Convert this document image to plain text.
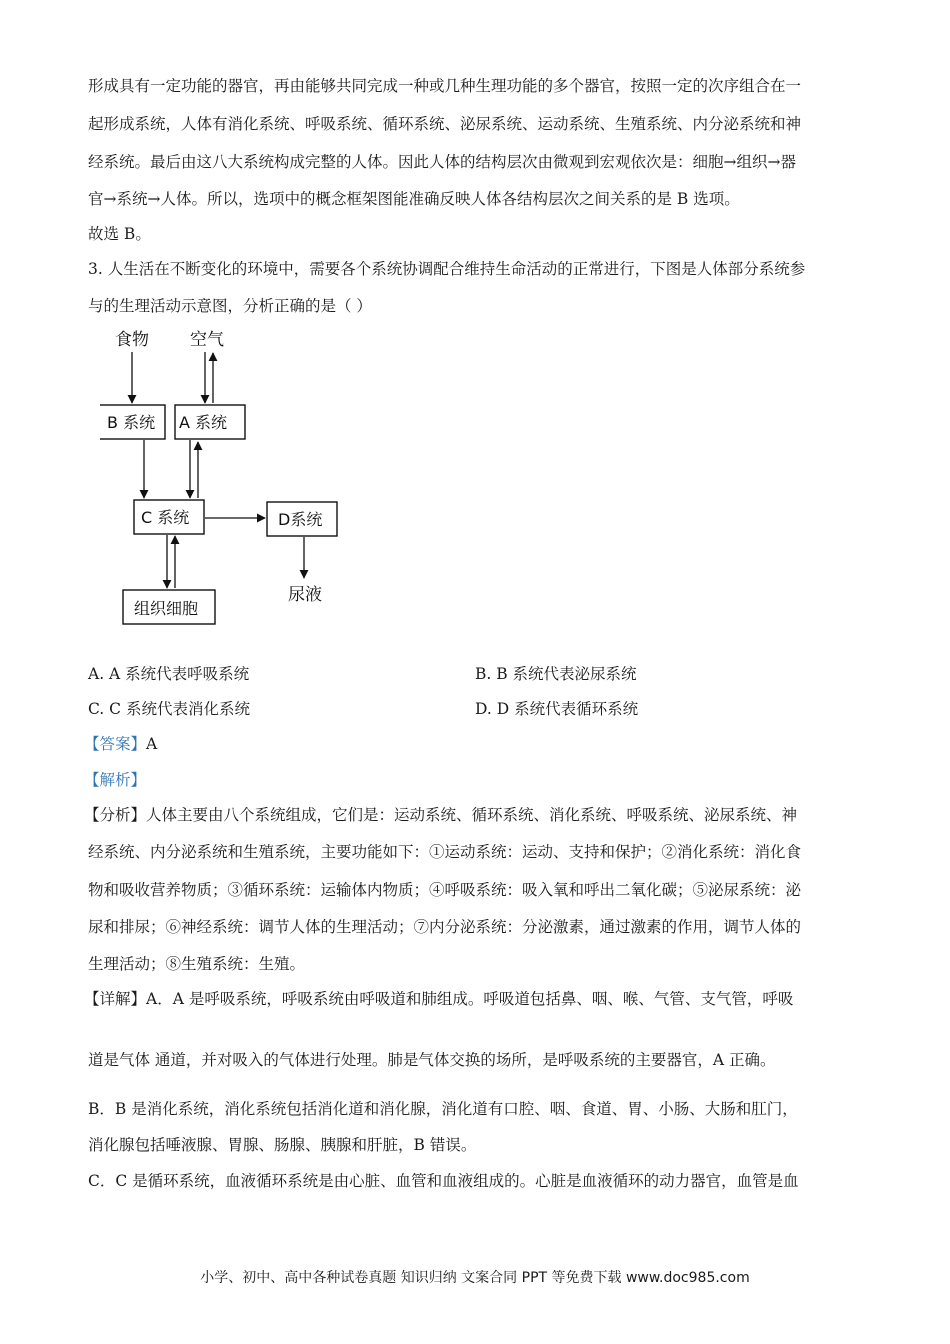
形成具有一定功能的器官，再由能够共同完成一种或几种生理功能的多个器官，按照一定的次序组合在一
起形成系统，人体有消化系统、呼吸系统、循环系统、泌尿系统、运动系统、生殖系统、内分泌系统和神
经系统。最后由这八大系统构成完整的人体。因此人体的结构层次由微观到宏观依次是：细胞→组织→器
官→系统→人体。所以，选项中的概念框架图能准确反映人体各结构层次之间关系的是 B 选项。
故选 B。
3. 人生活在不断变化的环境中，需要各个系统协调配合维持生命活动的正常进行，下图是人体部分系统参
与的生理活动示意图，分析正确的是（ ）
食物 空气
B 系统 A 系统
C 系统	D系统
组织细胞
尿液
A. A 系统代表呼吸系统	B. B 系统代表泌尿系统
C. C 系统代表消化系统	D. D 系统代表循环系统
【答案】A
【解析】
【分析】人体主要由八个系统组成，它们是：运动系统、循环系统、消化系统、呼吸系统、泌尿系统、神
经系统、内分泌系统和生殖系统，主要功能如下：①运动系统：运动、支持和保护；②消化系统：消化食
物和吸收营养物质；③循环系统：运输体内物质；④呼吸系统：吸入氧和呼出二氧化碳；⑤泌尿系统：泌
尿和排尿；⑥神经系统：调节人体的生理活动；⑦内分泌系统：分泌激素，通过激素的作用，调节人体的
生理活动；⑧生殖系统：生殖。
【详解】A．A 是呼吸系统，呼吸系统由呼吸道和肺组成。呼吸道包括鼻、咽、喉、气管、支气管，呼吸
道是气体 通道，并对吸入的气体进行处理。肺是气体交换的场所，是呼吸系统的主要器官，A 正确。
B．B 是消化系统，消化系统包括消化道和消化腺，消化道有口腔、咽、食道、胃、小肠、大肠和肛门，
消化腺包括唾液腺、胃腺、肠腺、胰腺和肝脏，B 错误。
C．C 是循环系统，血液循环系统是由心脏、血管和血液组成的。心脏是血液循环的动力器官，血管是血
小学、初中、高中各种试卷真题 知识归纳 文案合同 PPT 等免费下载 www.doc985.com
